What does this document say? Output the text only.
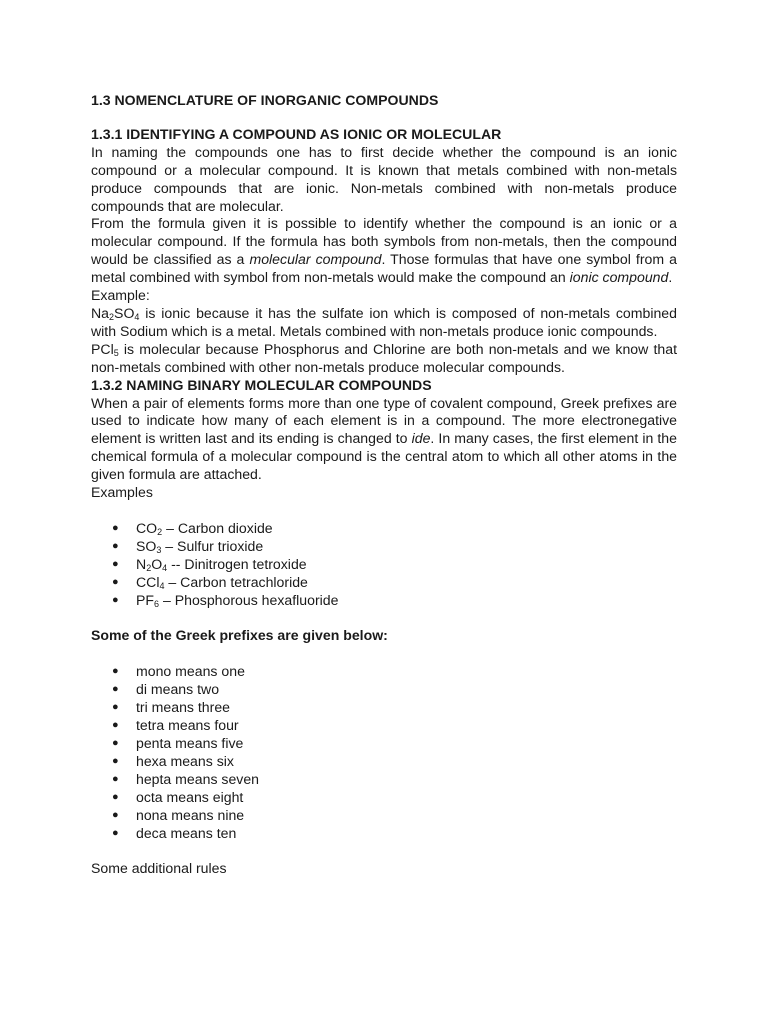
1.3 NOMENCLATURE OF INORGANIC COMPOUNDS
1.3.1 IDENTIFYING A COMPOUND AS IONIC OR MOLECULAR

In naming the compounds one has to first decide whether the compound is an ionic compound or a molecular compound. It is known that metals combined with non-metals produce compounds that are ionic. Non-metals combined with non-metals produce compounds that are molecular.

From the formula given it is possible to identify whether the compound is an ionic or a molecular compound. If the formula has both symbols from non-metals, then the compound would be classified as a molecular compound. Those formulas that have one symbol from a metal combined with symbol from non-metals would make the compound an ionic compound.

Example:

$Na_2SO_4$ is ionic because it has the sulfate ion which is composed of non-metals combined with Sodium which is a metal. Metals combined with non-metals produce ionic compounds.

PCl$_5$ is molecular because Phosphorus and Chlorine are both non-metals and we know that non-metals combined with other non-metals produce molecular compounds.

1.3.2 NAMING BINARY MOLECULAR COMPOUNDS

When a pair of elements forms more than one type of covalent compound, Greek prefixes are used to indicate how many of each element is in a compound. The more electronegative element is written last and its ending is changed to ide. In many cases, the first element in the chemical formula of a molecular compound is the central atom to which all other atoms in the given formula are attached.

Examples

● $CO_2$ – Carbon dioxide
● $SO_3$ – Sulfur trioxide
● $N_2O_4$ -- Dinitrogen tetroxide
● CCl$_4$ – Carbon tetrachloride
● $PF_6$ – Phosphorous hexafluoride
Some of the Greek prefixes are given below:
● mono means one
● di means two
● tri means three
● tetra means four
● penta means five
● hexa means six
● hepta means seven
● octa means eight
● nona means nine
● deca means ten

Some additional rules
